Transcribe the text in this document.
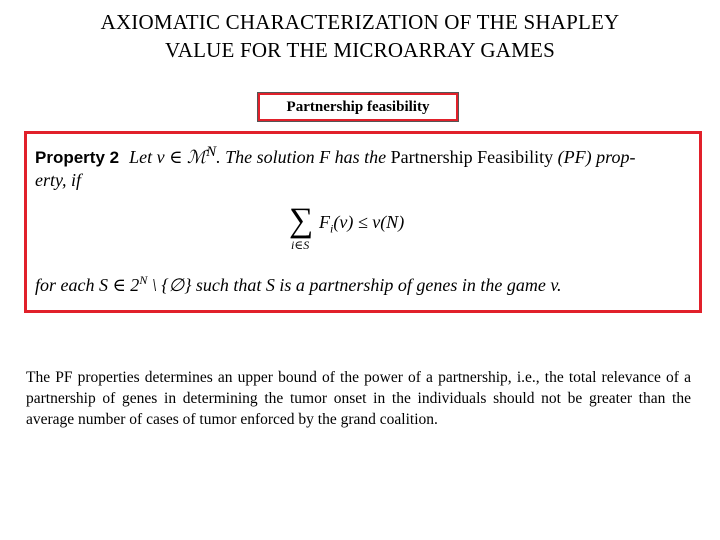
AXIOMATIC CHARACTERIZATION OF THE SHAPLEY
VALUE FOR THE MICROARRAY GAMES
Partnership feasibility
Property 2 Let v ∈ ℳ$^N$. The solution F has the Partnership Feasibility (PF) prop-
erty, if
∑
i∈S
$F_i(v) \le v(N)$
for each S ∈ $2^N$ \ {∅} such that S is a partnership of genes in the game v.
The PF properties determines an upper bound of the power of a partnership, i.e., the total relevance of a partnership of genes in determining the tumor onset in the individuals should not be greater than the average number of cases of tumor enforced by the grand coalition.
